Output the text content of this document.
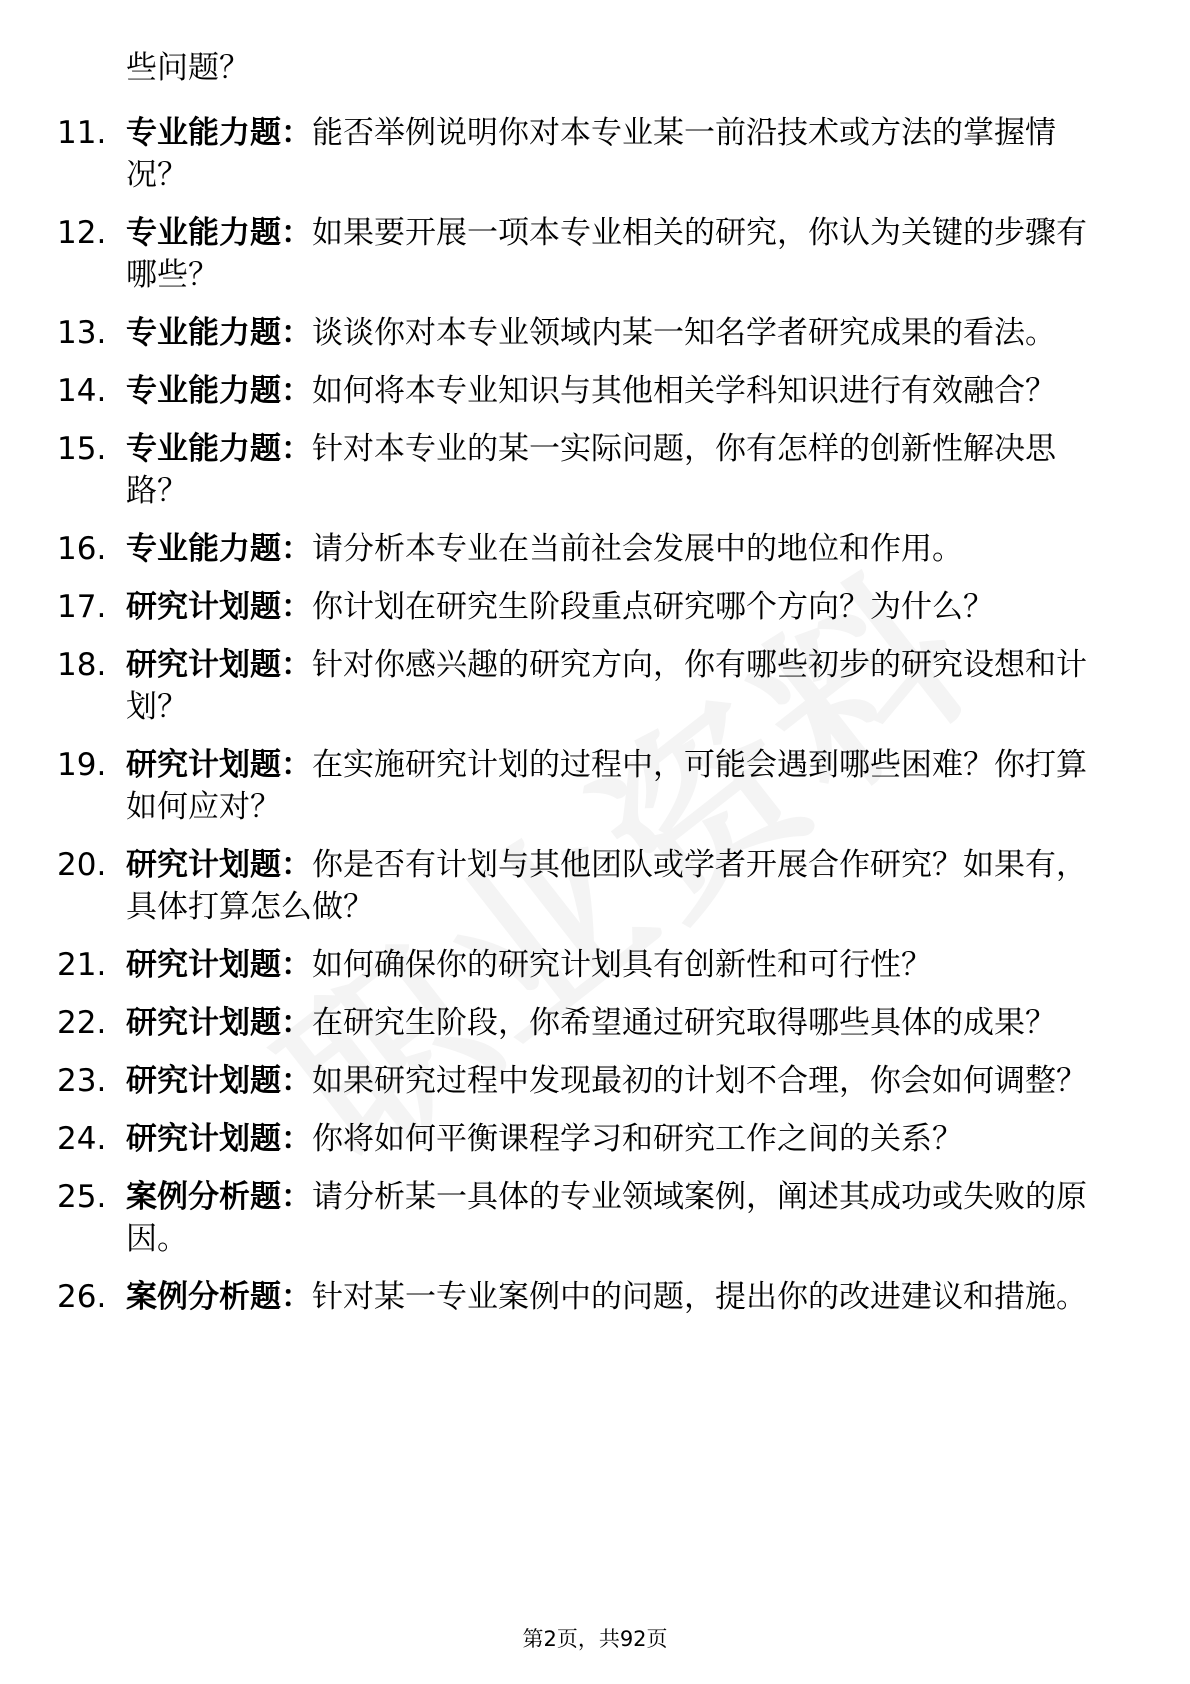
些问题？
11. 专业能力题：能否举例说明你对本专业某一前沿技术或方法的掌握情况？
12. 专业能力题：如果要开展一项本专业相关的研究，你认为关键的步骤有哪些？
13. 专业能力题：谈谈你对本专业领域内某一知名学者研究成果的看法。
14. 专业能力题：如何将本专业知识与其他相关学科知识进行有效融合？
15. 专业能力题：针对本专业的某一实际问题，你有怎样的创新性解决思路？
16. 专业能力题：请分析本专业在当前社会发展中的地位和作用。
17. 研究计划题：你计划在研究生阶段重点研究哪个方向？为什么？
18. 研究计划题：针对你感兴趣的研究方向，你有哪些初步的研究设想和计划？
19. 研究计划题：在实施研究计划的过程中，可能会遇到哪些困难？你打算如何应对？
20. 研究计划题：你是否有计划与其他团队或学者开展合作研究？如果有，具体打算怎么做？
21. 研究计划题：如何确保你的研究计划具有创新性和可行性？
22. 研究计划题：在研究生阶段，你希望通过研究取得哪些具体的成果？
23. 研究计划题：如果研究过程中发现最初的计划不合理，你会如何调整？
24. 研究计划题：你将如何平衡课程学习和研究工作之间的关系？
25. 案例分析题：请分析某一具体的专业领域案例，阐述其成功或失败的原因。
26. 案例分析题：针对某一专业案例中的问题，提出你的改进建议和措施。
第2页，共92页
